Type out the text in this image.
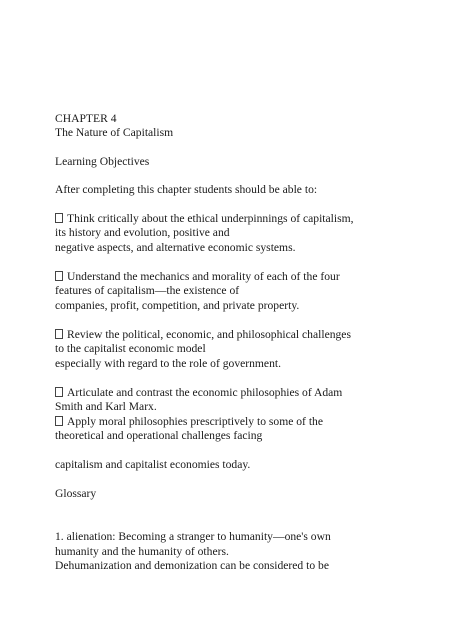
CHAPTER 4
The Nature of Capitalism
Learning Objectives
After completing this chapter students should be able to:
Think critically about the ethical underpinnings of capitalism,
its history and evolution, positive and
negative aspects, and alternative economic systems.
Understand the mechanics and morality of each of the four
features of capitalism—the existence of
companies, profit, competition, and private property.
Review the political, economic, and philosophical challenges
to the capitalist economic model
especially with regard to the role of government.
Articulate and contrast the economic philosophies of Adam
Smith and Karl Marx.
Apply moral philosophies prescriptively to some of the
theoretical and operational challenges facing
capitalism and capitalist economies today.
Glossary
1. alienation: Becoming a stranger to humanity—one's own
humanity and the humanity of others.
Dehumanization and demonization can be considered to be
